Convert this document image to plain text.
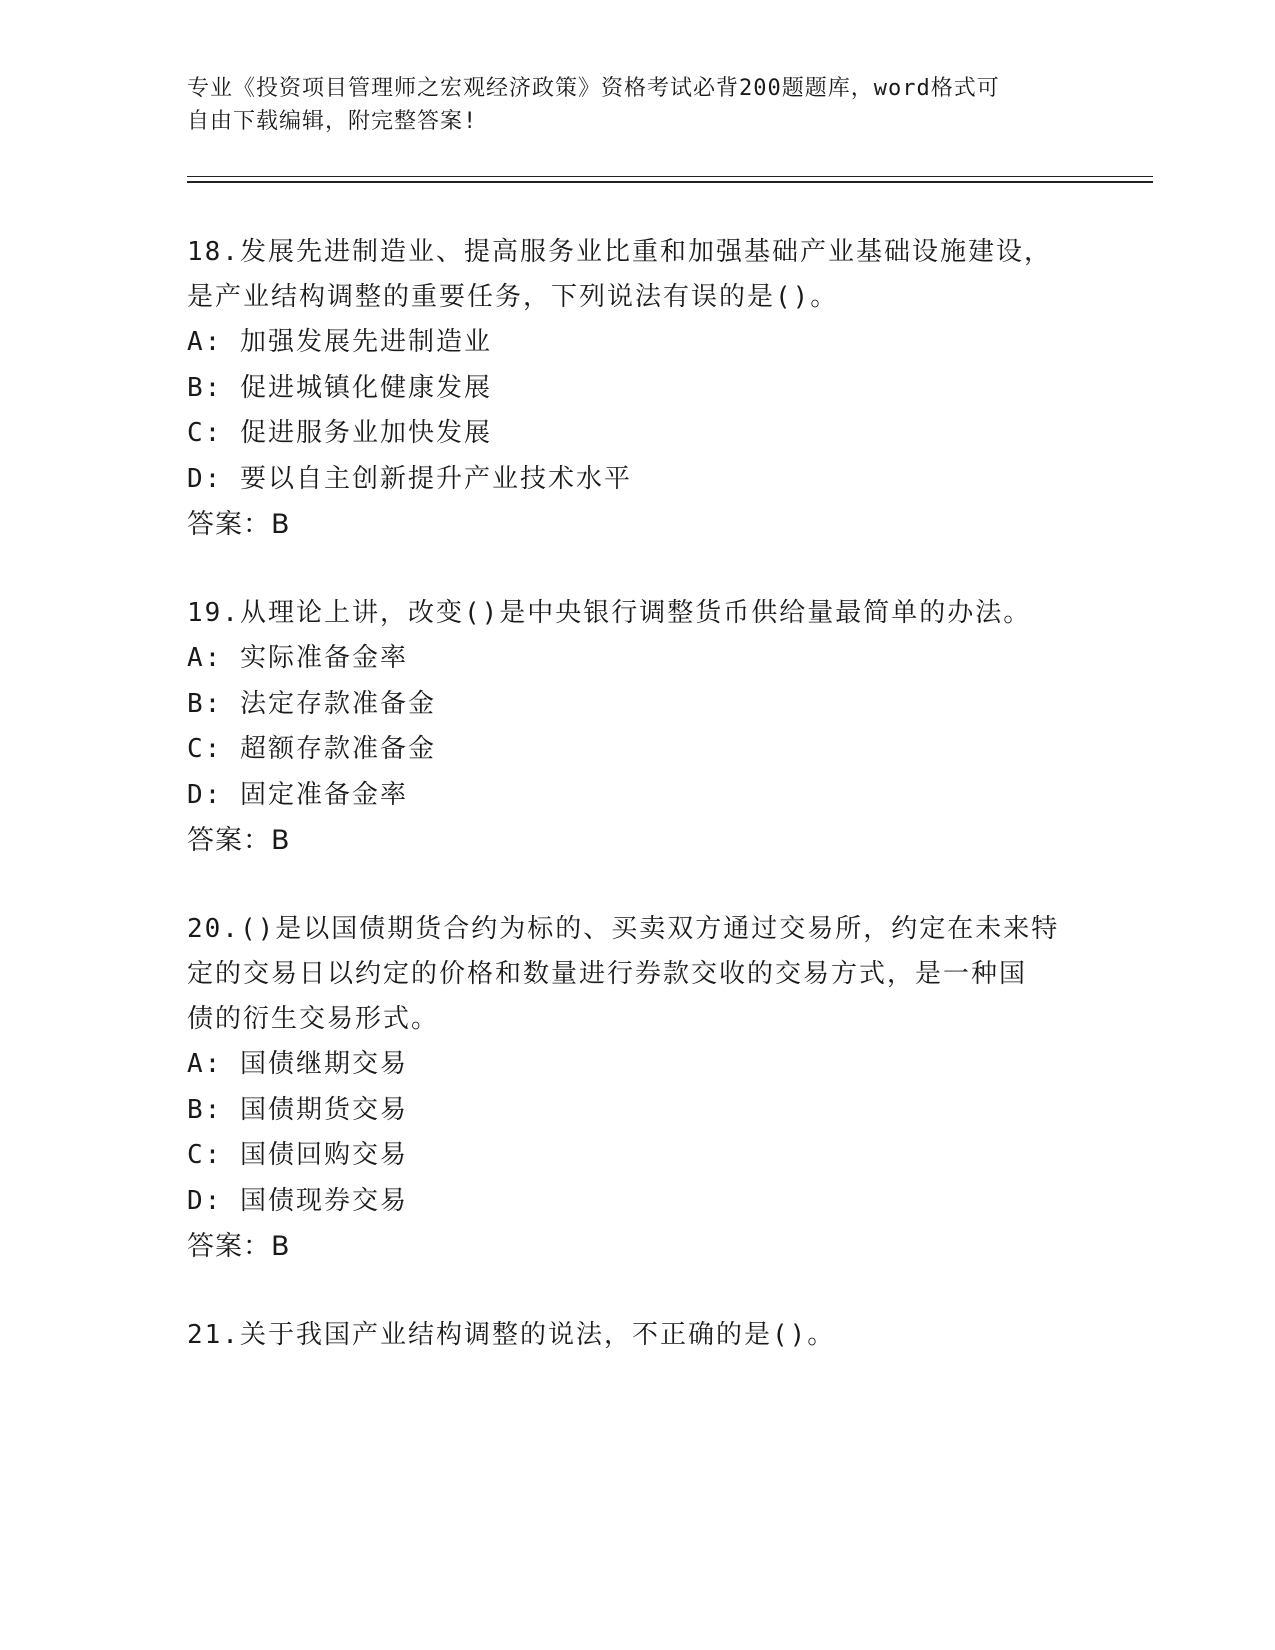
专业《投资项目管理师之宏观经济政策》资格考试必背200题题库，word格式可
自由下载编辑，附完整答案!
18.发展先进制造业、提高服务业比重和加强基础产业基础设施建设，
是产业结构调整的重要任务，下列说法有误的是()。
A: 加强发展先进制造业
B: 促进城镇化健康发展
C: 促进服务业加快发展
D: 要以自主创新提升产业技术水平
答案：B
19.从理论上讲，改变()是中央银行调整货币供给量最简单的办法。
A: 实际准备金率
B: 法定存款准备金
C: 超额存款准备金
D: 固定准备金率
答案：B
20.()是以国债期货合约为标的、买卖双方通过交易所，约定在未来特
定的交易日以约定的价格和数量进行券款交收的交易方式，是一种国
债的衍生交易形式。
A: 国债继期交易
B: 国债期货交易
C: 国债回购交易
D: 国债现券交易
答案：B
21.关于我国产业结构调整的说法，不正确的是()。
